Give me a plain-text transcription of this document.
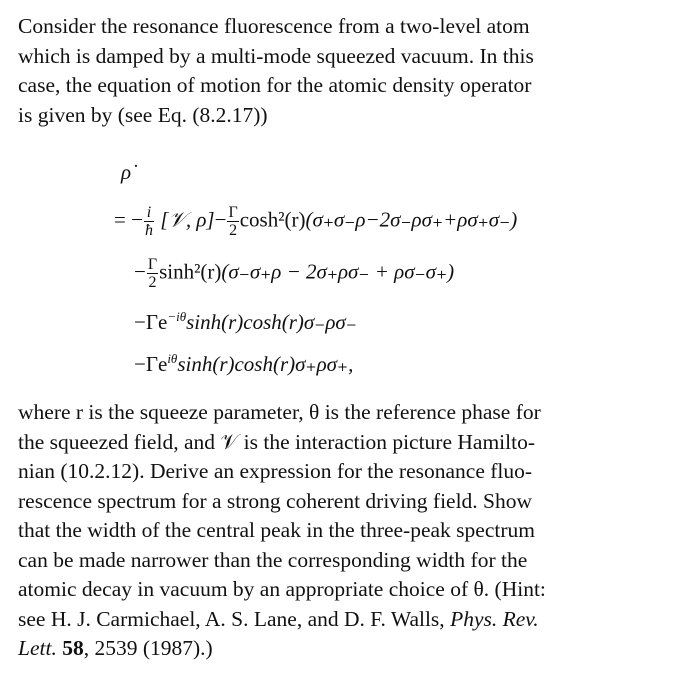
Consider the resonance fluorescence from a two-level atom
which is damped by a multi-mode squeezed vacuum. In this
case, the equation of motion for the atomic density operator
is given by (see Eq. (8.2.17))
ρ̇
= − $\frac{i}{ħ}$ [𝒱, $\rho]- \frac{\Gamma}{2} \cosh^2(r)(\sigma_+\sigma_-\rho-2\sigma_-\rho\sigma_++\rho\sigma_+\sigma_-)$
− $\frac{\Gamma}{2} \sinh^2(r)(\sigma_-\sigma_+\rho - 2\sigma_+\rho\sigma_- + \rho\sigma_-\sigma_+)$
$-\Gamma e^{-i\theta}\sinh(r)\cosh(r)\sigma_-\rho\sigma_-$
$-\Gamma e^{i\theta}\sinh(r)\cosh(r)\sigma_+\rho\sigma_+$,
where r is the squeeze parameter, θ is the reference phase for
the squeezed field, and 𝒱 is the interaction picture Hamilto-
nian (10.2.12). Derive an expression for the resonance fluo-
rescence spectrum for a strong coherent driving field. Show
that the width of the central peak in the three-peak spectrum
can be made narrower than the corresponding width for the
atomic decay in vacuum by an appropriate choice of θ. (Hint:
see H. J. Carmichael, A. S. Lane, and D. F. Walls, Phys. Rev.
Lett. 58, 2539 (1987).)
